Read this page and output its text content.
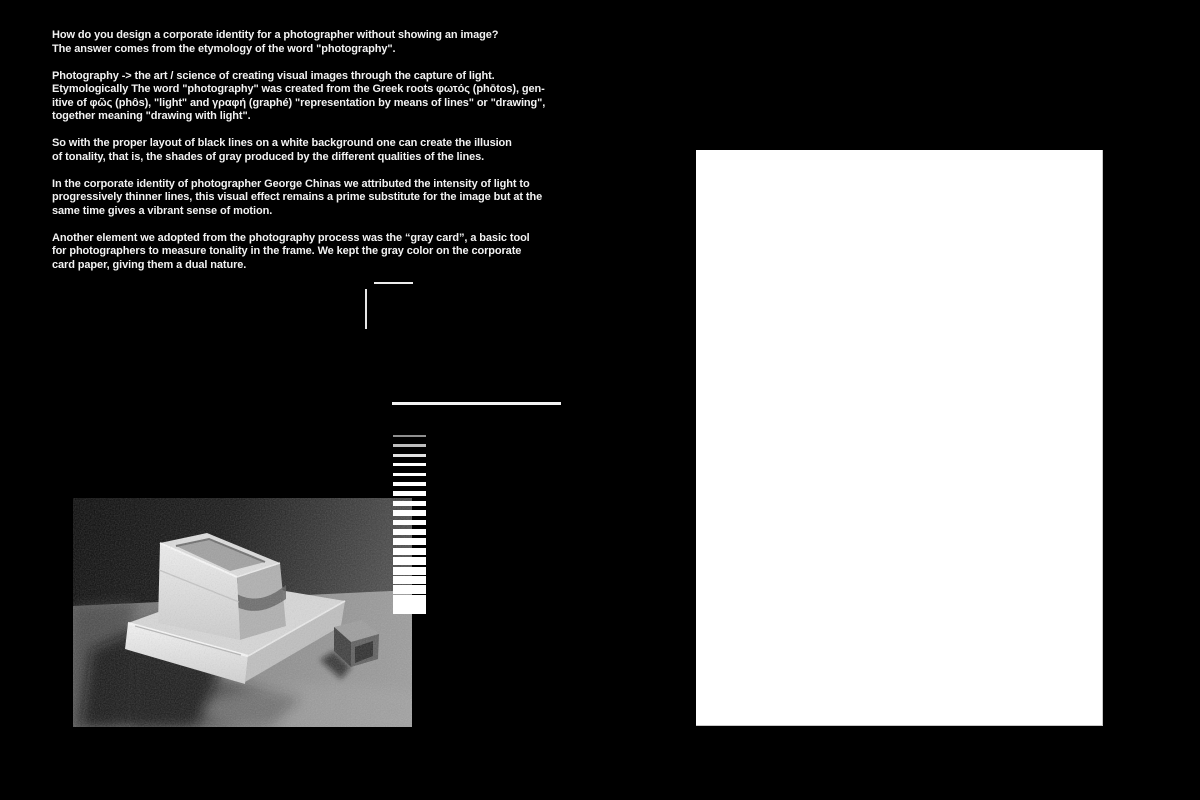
How do you design a corporate identity for a photographer without showing an image?
The answer comes from the etymology of the word "photography".

Photography -> the art / science of creating visual images through the capture of light.
Etymologically The word "photography" was created from the Greek roots φωτός (phōtos), gen-
itive of φῶς (phôs), "light" and γραφή (graphé) "representation by means of lines" or "drawing",
together meaning "drawing with light".

So with the proper layout of black lines on a white background one can create the illusion
of tonality, that is, the shades of gray produced by the different qualities of the lines.

In the corporate identity of photographer George Chinas we attributed the intensity of light to
progressively thinner lines, this visual effect remains a prime substitute for the image but at the
same time gives a vibrant sense of motion.

Another element we adopted from the photography process was the “gray card”, a basic tool
for photographers to measure tonality in the frame. We kept the gray color on the corporate
card paper, giving them a dual nature.
